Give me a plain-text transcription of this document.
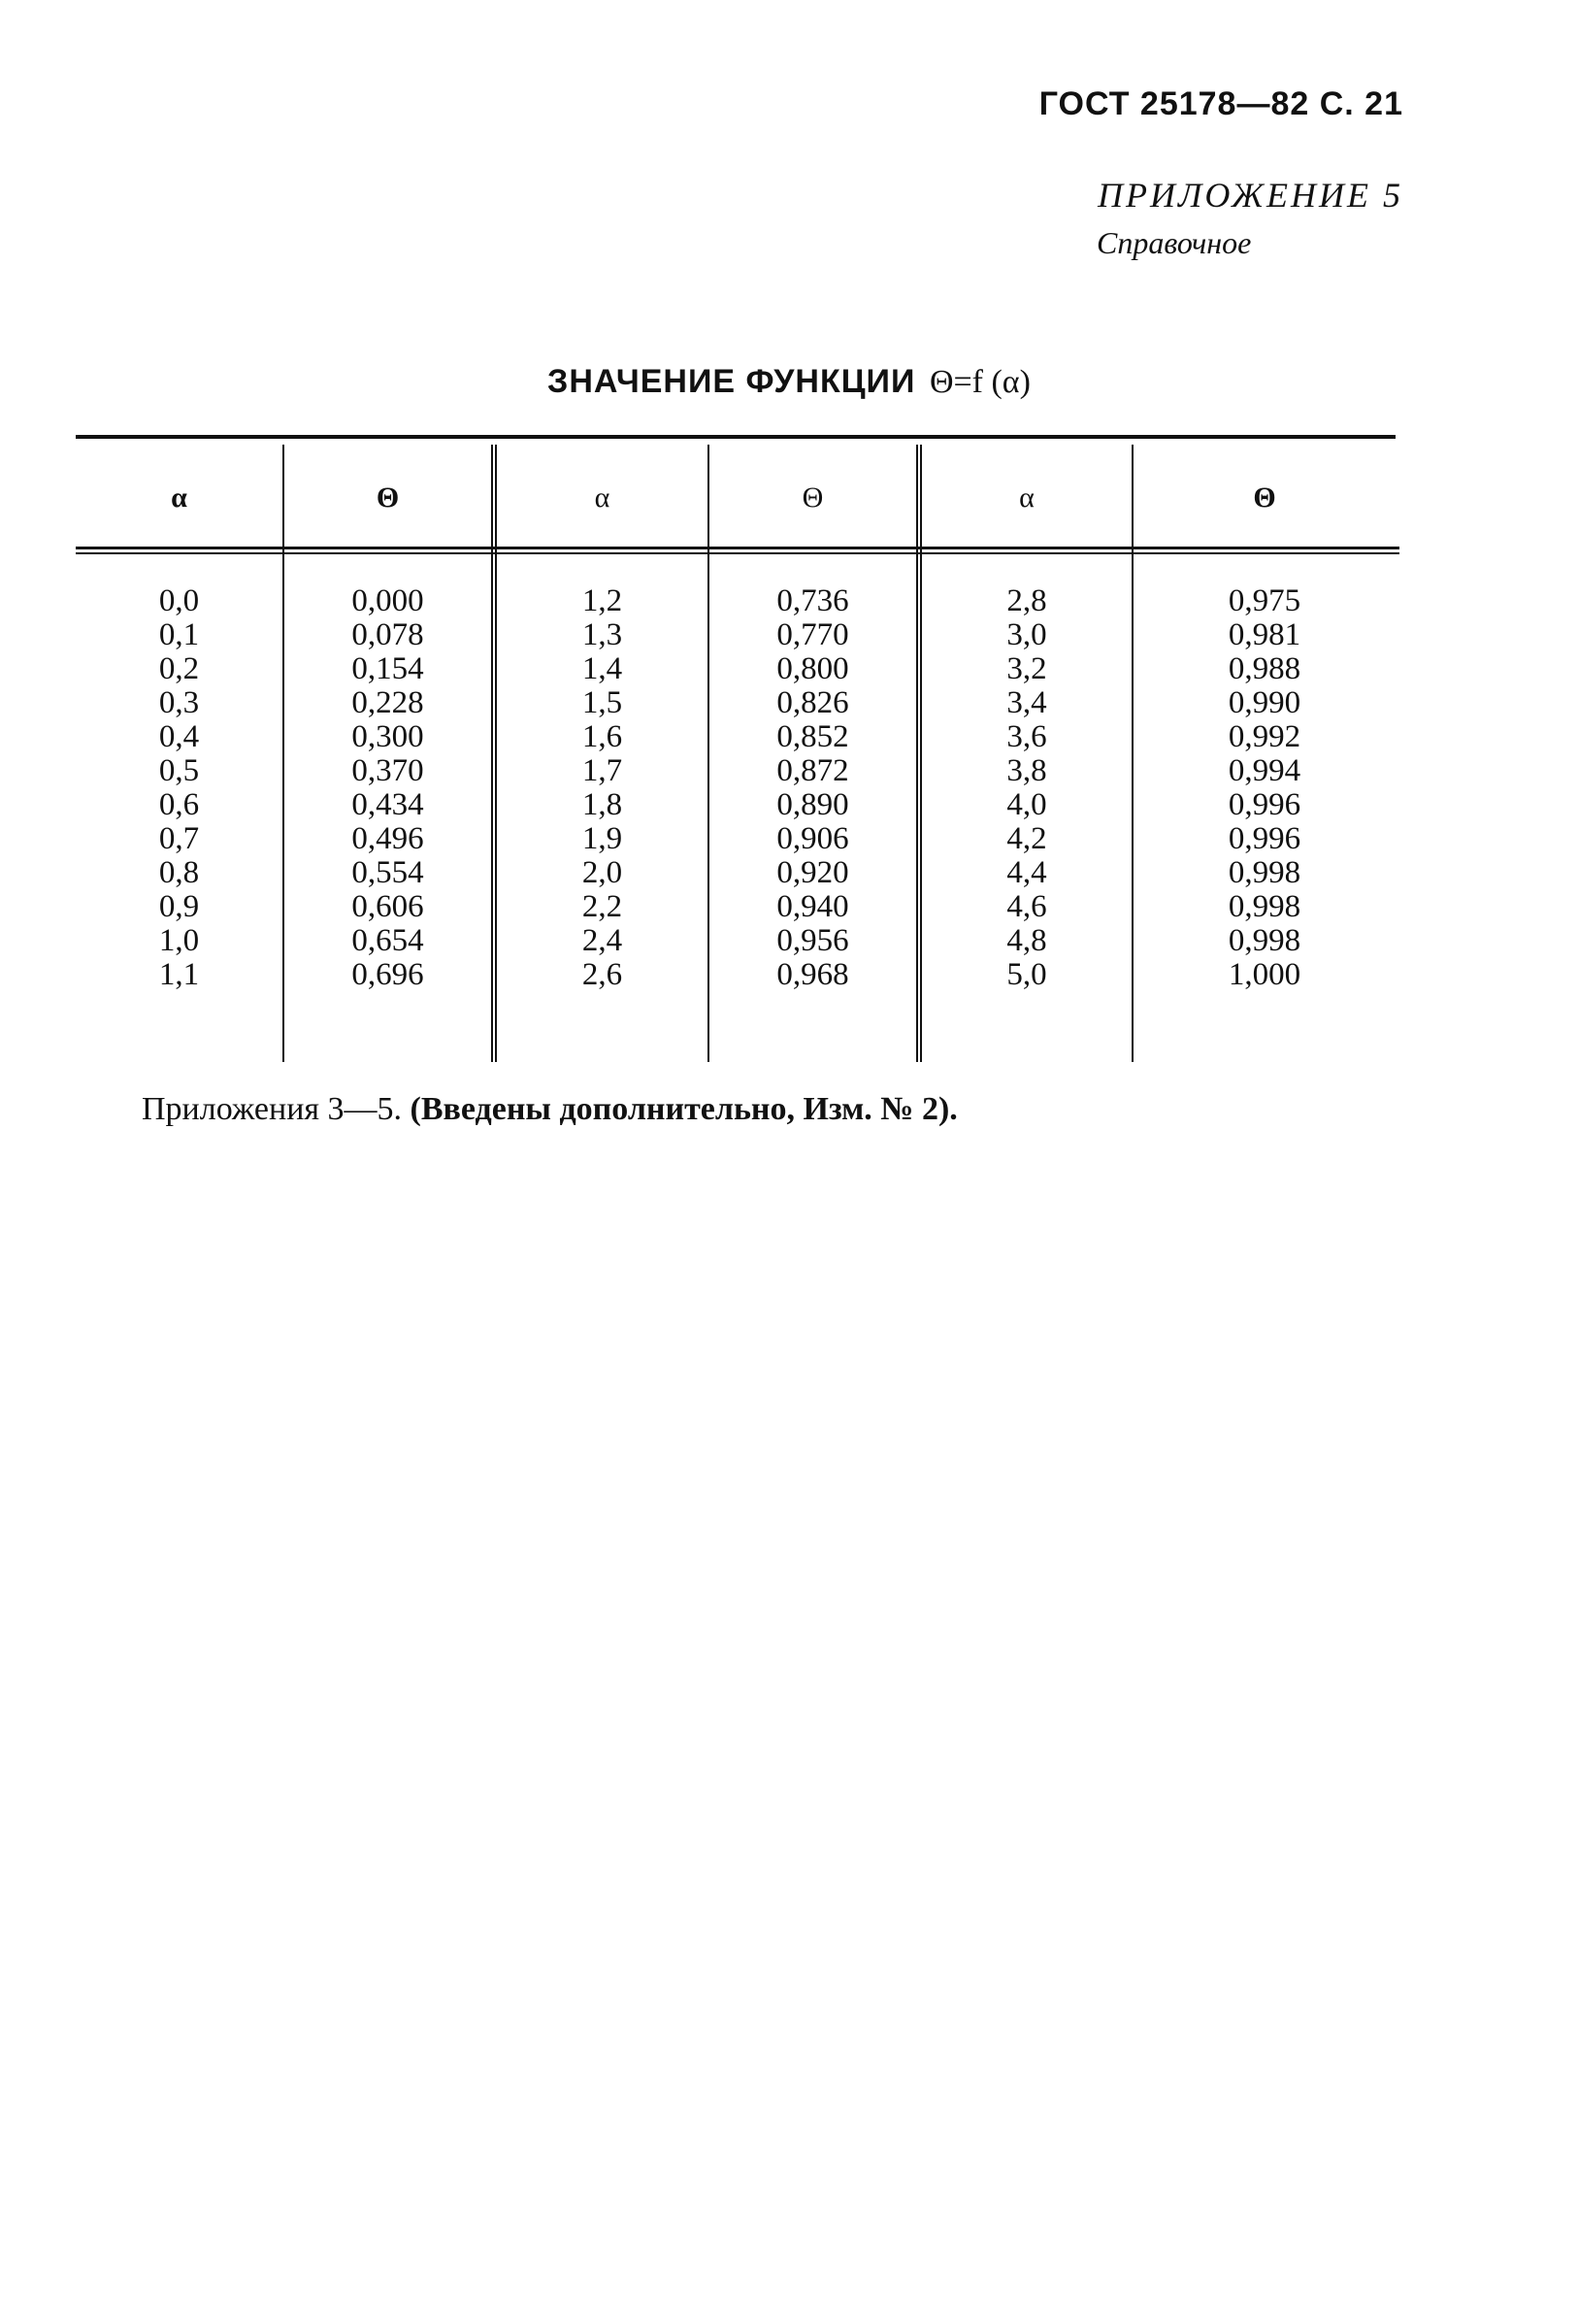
ГОСТ 25178—82 С. 21
ПРИЛОЖЕНИЕ 5
Справочное
ЗНАЧЕНИЕ ФУНКЦИИ Θ=f (α)
α
0,0
0,1
0,2
0,3
0,4
0,5
0,6
0,7
0,8
0,9
1,0
1,1
Θ
0,000
0,078
0,154
0,228
0,300
0,370
0,434
0,496
0,554
0,606
0,654
0,696
α
1,2
1,3
1,4
1,5
1,6
1,7
1,8
1,9
2,0
2,2
2,4
2,6
Θ
0,736
0,770
0,800
0,826
0,852
0,872
0,890
0,906
0,920
0,940
0,956
0,968
α
2,8
3,0
3,2
3,4
3,6
3,8
4,0
4,2
4,4
4,6
4,8
5,0
Θ
0,975
0,981
0,988
0,990
0,992
0,994
0,996
0,996
0,998
0,998
0,998
1,000
Приложения 3—5. (Введены дополнительно, Изм. № 2).
